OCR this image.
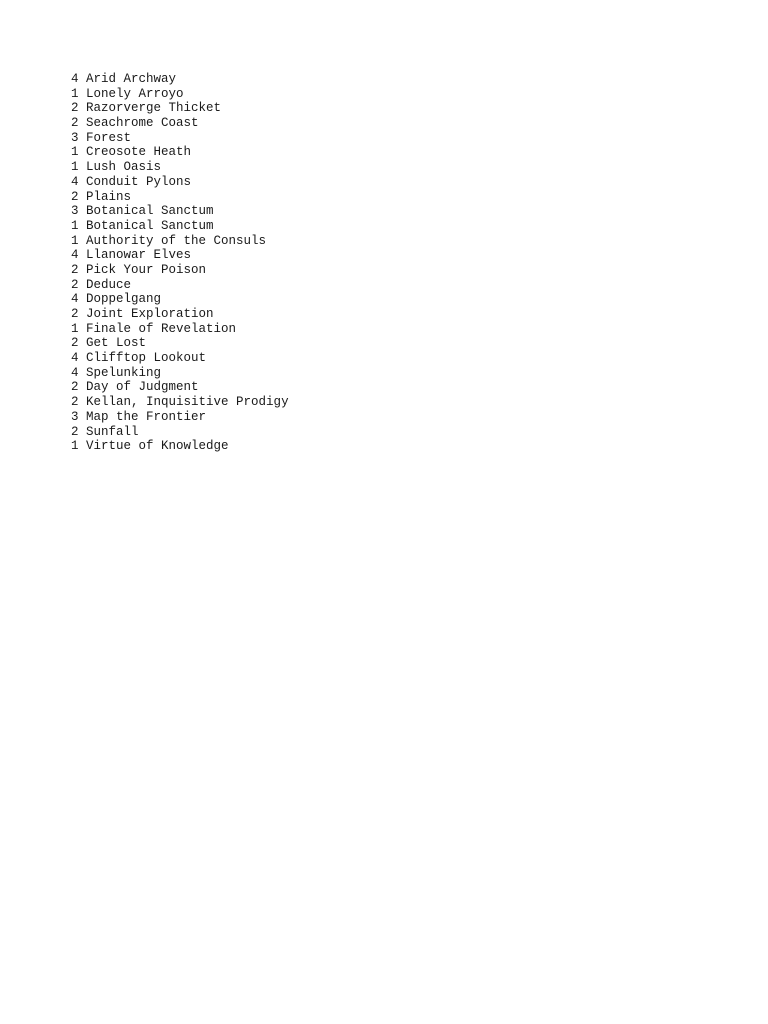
4 Arid Archway
1 Lonely Arroyo
2 Razorverge Thicket
2 Seachrome Coast
3 Forest
1 Creosote Heath
1 Lush Oasis
4 Conduit Pylons
2 Plains
3 Botanical Sanctum
1 Botanical Sanctum
1 Authority of the Consuls
4 Llanowar Elves
2 Pick Your Poison
2 Deduce
4 Doppelgang
2 Joint Exploration
1 Finale of Revelation
2 Get Lost
4 Clifftop Lookout
4 Spelunking
2 Day of Judgment
2 Kellan, Inquisitive Prodigy
3 Map the Frontier
2 Sunfall
1 Virtue of Knowledge
